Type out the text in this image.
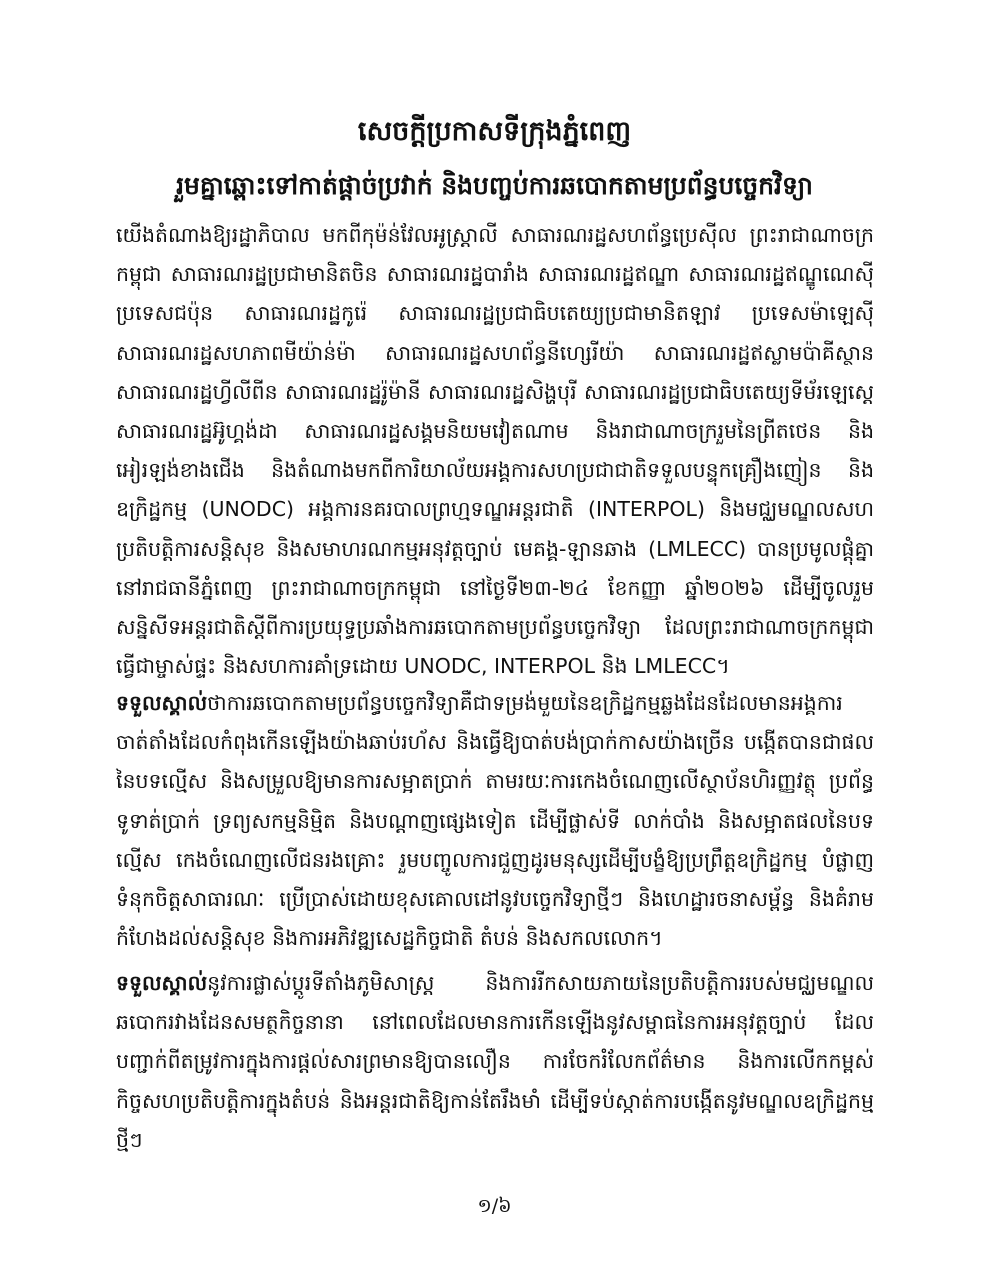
សេចក្តីប្រកាសទីក្រុងភ្នំពេញ
រួមគ្នាឆ្ពោះទៅកាត់ផ្តាច់ប្រវាក់ និងបញ្ចប់ការឆបោកតាមប្រព័ន្ធបច្ចេកវិទ្យា

យើងតំណាងឱ្យរដ្ឋាភិបាល មកពីកុម៉ន់វែលអូស្ត្រាលី សាធារណរដ្ឋសហព័ន្ធប្រេស៊ីល ព្រះរាជាណាចក្រកម្ពុជា សាធារណរដ្ឋប្រជាមានិតចិន សាធារណរដ្ឋបារាំង សាធារណរដ្ឋឥណ្ឌា សាធារណរដ្ឋឥណ្ឌូណេស៊ី ប្រទេសជប៉ុន សាធារណរដ្ឋកូរ៉េ សាធារណរដ្ឋប្រជាធិបតេយ្យប្រជាមានិតឡាវ ប្រទេសម៉ាឡេស៊ី សាធារណរដ្ឋសហភាពមីយ៉ាន់ម៉ា សាធារណរដ្ឋសហព័ន្ធនីហ្សេរីយ៉ា សាធារណរដ្ឋឥស្លាមប៉ាគីស្ថាន សាធារណរដ្ឋហ្វីលីពីន សាធារណរដ្ឋរ៉ូម៉ានី សាធារណរដ្ឋសិង្ហបុរី សាធារណរដ្ឋប្រជាធិបតេយ្យទីម័រឡេស្តេ សាធារណរដ្ឋអ៊ូហ្គង់ដា សាធារណរដ្ឋសង្គមនិយមវៀតណាម និងរាជាណាចក្ររួមនៃព្រីតថេន និងអៀរឡង់ខាងជើង និងតំណាងមកពីការិយាល័យអង្គការសហប្រជាជាតិទទួលបន្ទុកគ្រឿងញៀន និងឧក្រិដ្ឋកម្ម (UNODC) អង្គការនគរបាលព្រហ្មទណ្ឌអន្តរជាតិ (INTERPOL) និងមជ្ឈមណ្ឌលសហប្រតិបត្តិការសន្តិសុខ និងសមាហរណកម្មអនុវត្តច្បាប់ មេគង្គ-ឡានឆាង (LMLECC) បានប្រមូលផ្តុំគ្នានៅរាជធានីភ្នំពេញ ព្រះរាជាណាចក្រកម្ពុជា នៅថ្ងៃទី២៣-២៤ ខែកញ្ញា ឆ្នាំ២០២៦ ដើម្បីចូលរួមសន្និសីទអន្តរជាតិស្តីពីការប្រយុទ្ធប្រឆាំងការឆបោកតាមប្រព័ន្ធបច្ចេកវិទ្យា ដែលព្រះរាជាណាចក្រកម្ពុជាធ្វើជាម្ចាស់ផ្ទះ និងសហការគាំទ្រដោយ UNODC, INTERPOL និង LMLECC។

ទទួលស្គាល់ថាការឆបោកតាមប្រព័ន្ធបច្ចេកវិទ្យាគឺជាទម្រង់មួយនៃឧក្រិដ្ឋកម្មឆ្លងដែនដែលមានអង្គការចាត់តាំងដែលកំពុងកើនឡើងយ៉ាងឆាប់រហ័ស និងធ្វើឱ្យបាត់បង់ប្រាក់កាសយ៉ាងច្រើន បង្កើតបានជាផលនៃបទល្មើស និងសម្រួលឱ្យមានការសម្អាតប្រាក់ តាមរយៈការកេងចំណេញលើស្ថាប័នហិរញ្ញវត្ថុ ប្រព័ន្ធទូទាត់ប្រាក់ ទ្រព្យសកម្មនិម្មិត និងបណ្តាញផ្សេងទៀត ដើម្បីផ្លាស់ទី លាក់បាំង និងសម្អាតផលនៃបទល្មើស កេងចំណេញលើជនរងគ្រោះ រួមបញ្ចូលការជួញដូរមនុស្សដើម្បីបង្ខំឱ្យប្រព្រឹត្តឧក្រិដ្ឋកម្ម បំផ្លាញទំនុកចិត្តសាធារណៈ ប្រើប្រាស់ដោយខុសគោលដៅនូវបច្ចេកវិទ្យាថ្មីៗ និងហេដ្ឋារចនាសម្ព័ន្ធ និងគំរាមកំហែងដល់សន្តិសុខ និងការអភិវឌ្ឍសេដ្ឋកិច្ចជាតិ តំបន់ និងសកលលោក។

ទទួលស្គាល់នូវការផ្លាស់ប្តូរទីតាំងភូមិសាស្ត្រ និងការរីកសាយភាយនៃប្រតិបត្តិការរបស់មជ្ឈមណ្ឌលឆបោករវាងដែនសមត្ថកិច្ចនានា នៅពេលដែលមានការកើនឡើងនូវសម្ពាធនៃការអនុវត្តច្បាប់ ដែលបញ្ជាក់ពីតម្រូវការក្នុងការផ្តល់សារព្រមានឱ្យបានលឿន ការចែករំលែកព័ត៌មាន និងការលើកកម្ពស់កិច្ចសហប្រតិបត្តិការក្នុងតំបន់ និងអន្តរជាតិឱ្យកាន់តែរឹងមាំ ដើម្បីទប់ស្កាត់ការបង្កើតនូវមណ្ឌលឧក្រិដ្ឋកម្មថ្មីៗ

១/៦
